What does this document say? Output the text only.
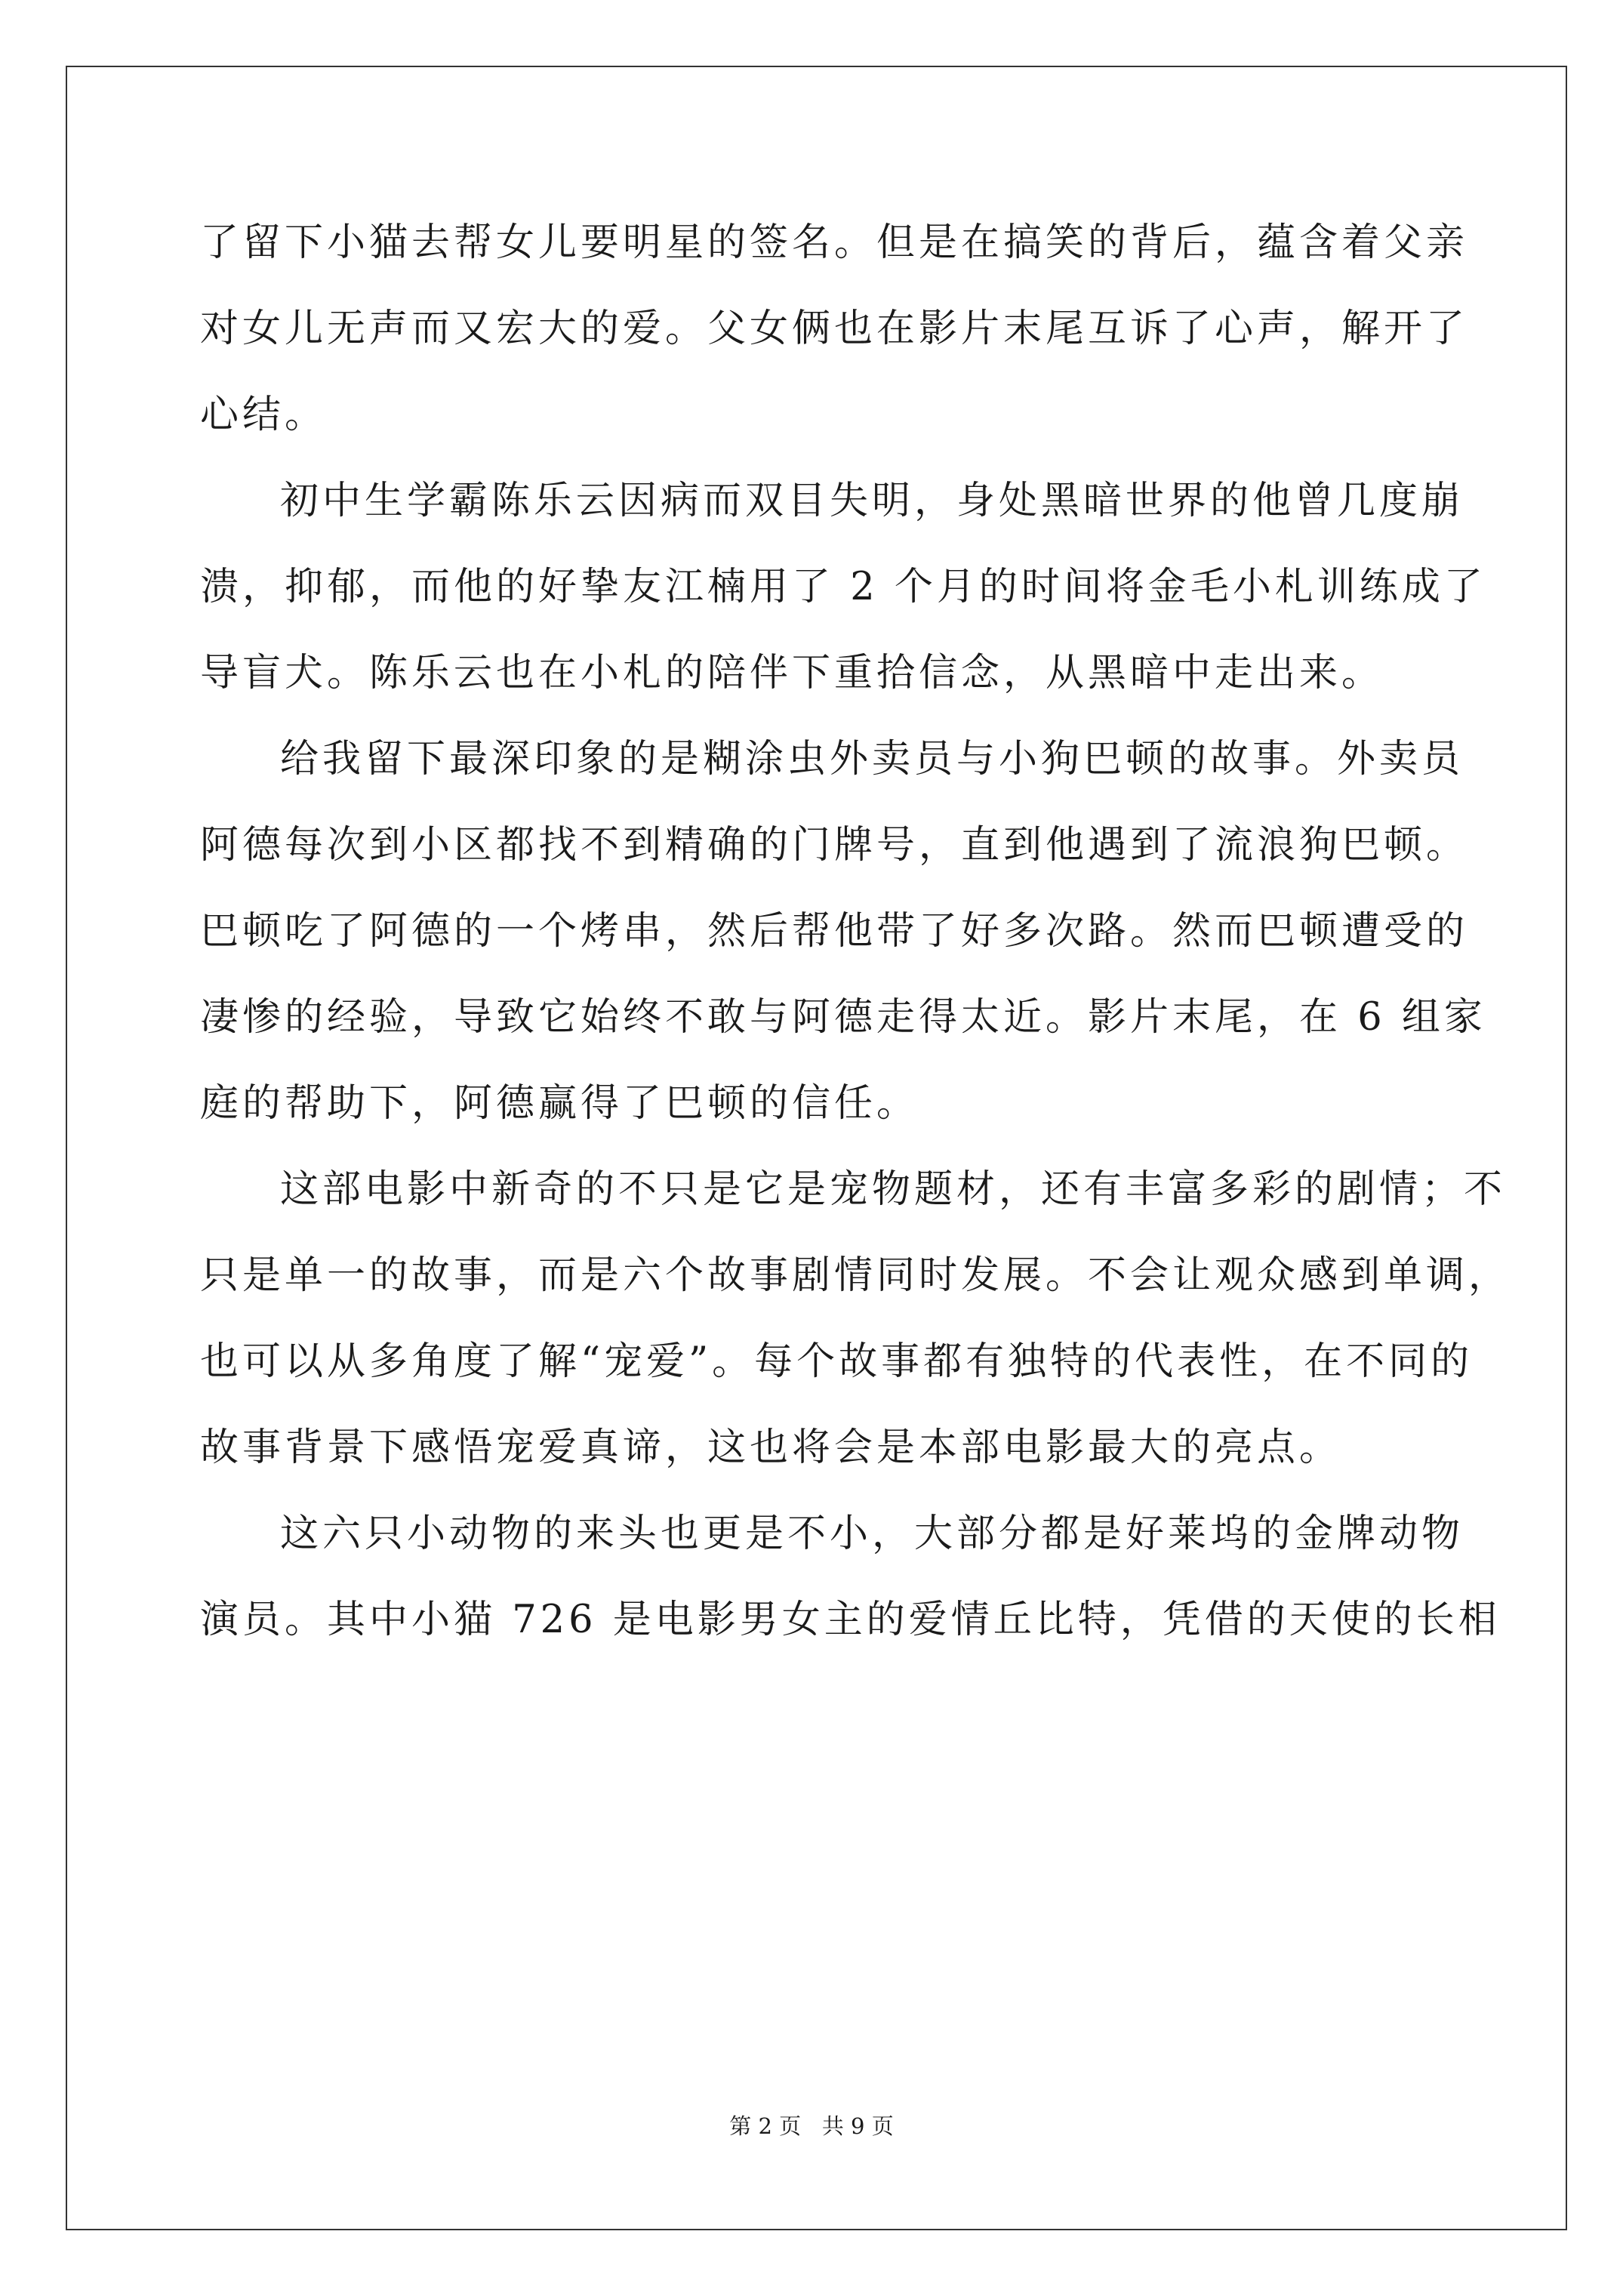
了留下小猫去帮女儿要明星的签名。但是在搞笑的背后，蕴含着父亲
对女儿无声而又宏大的爱。父女俩也在影片末尾互诉了心声，解开了
心结。
初中生学霸陈乐云因病而双目失明，身处黑暗世界的他曾几度崩
溃，抑郁，而他的好挚友江楠用了 2 个月的时间将金毛小札训练成了
导盲犬。陈乐云也在小札的陪伴下重拾信念，从黑暗中走出来。
给我留下最深印象的是糊涂虫外卖员与小狗巴顿的故事。外卖员
阿德每次到小区都找不到精确的门牌号，直到他遇到了流浪狗巴顿。
巴顿吃了阿德的一个烤串，然后帮他带了好多次路。然而巴顿遭受的
凄惨的经验，导致它始终不敢与阿德走得太近。影片末尾，在 6 组家
庭的帮助下，阿德赢得了巴顿的信任。
这部电影中新奇的不只是它是宠物题材，还有丰富多彩的剧情；不
只是单一的故事，而是六个故事剧情同时发展。不会让观众感到单调，
也可以从多角度了解“宠爱”。每个故事都有独特的代表性，在不同的
故事背景下感悟宠爱真谛，这也将会是本部电影最大的亮点。
这六只小动物的来头也更是不小，大部分都是好莱坞的金牌动物
演员。其中小猫 726 是电影男女主的爱情丘比特，凭借的天使的长相
第 2 页   共 9 页
